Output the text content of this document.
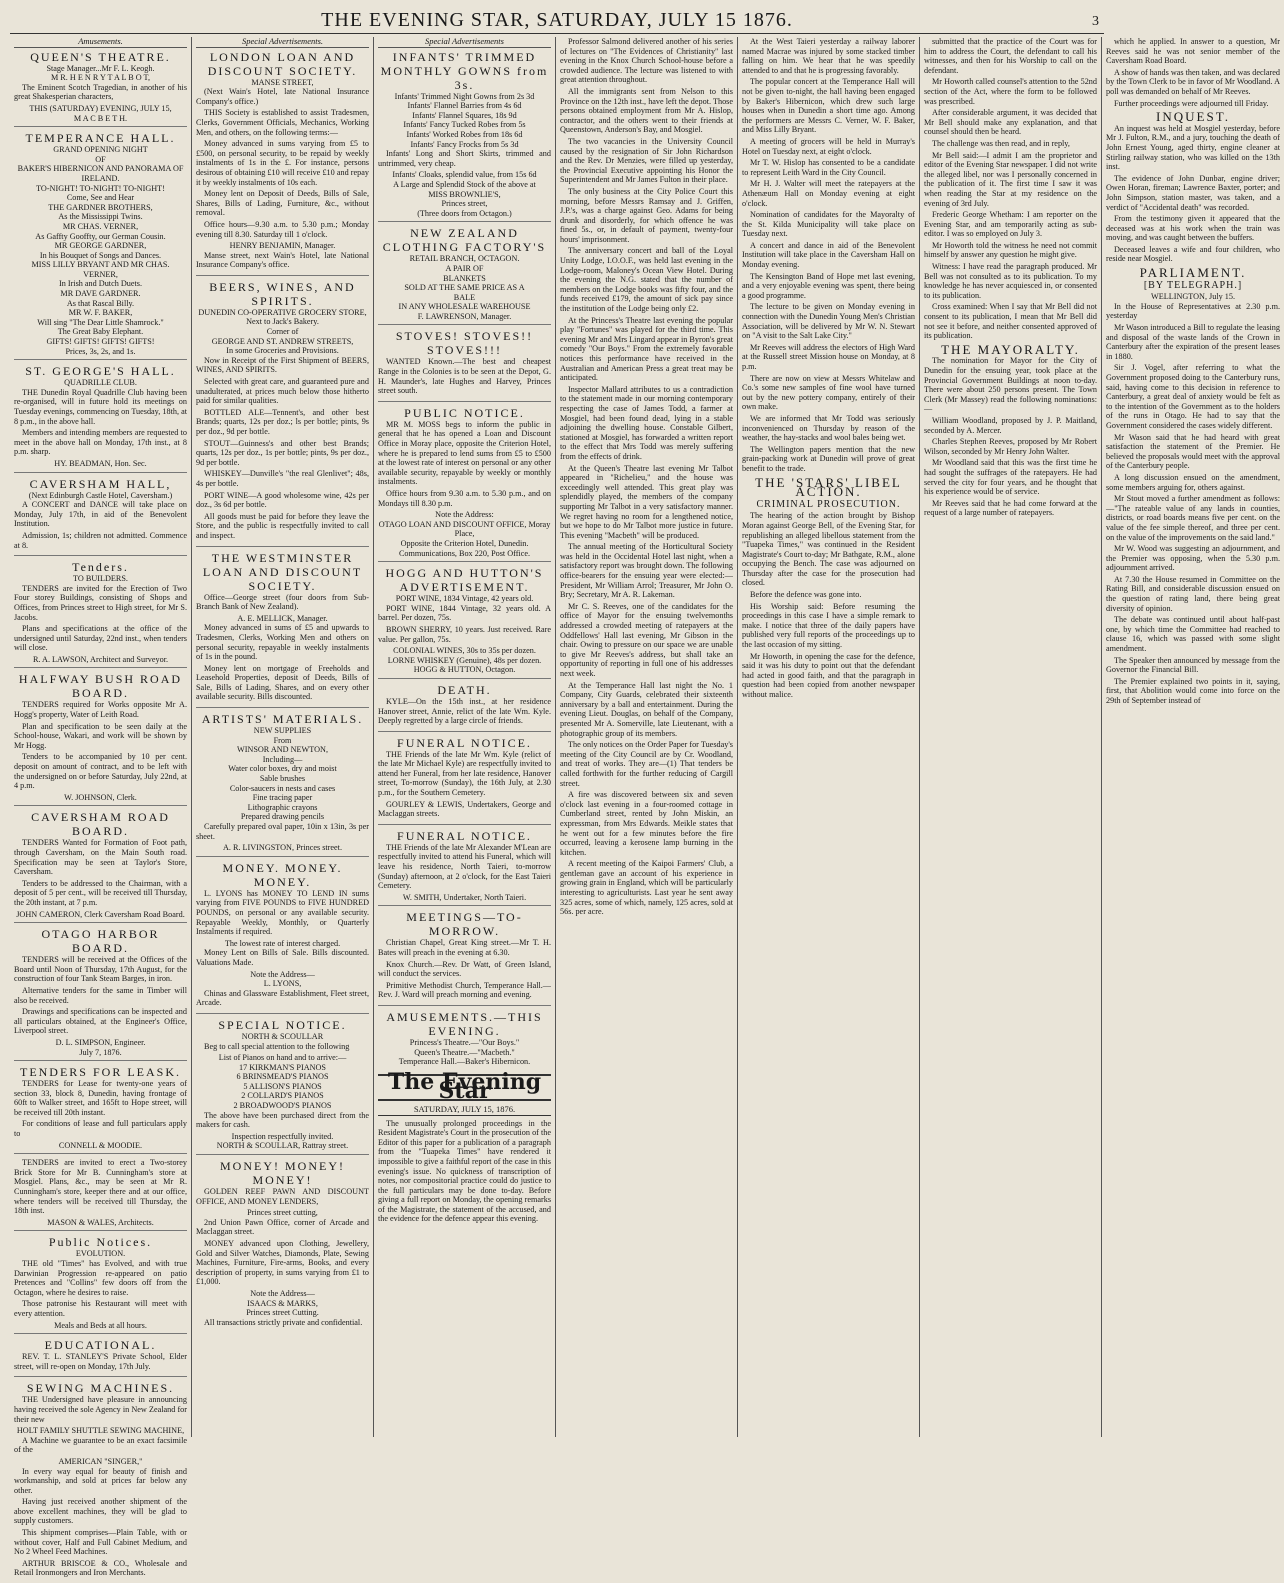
THE EVENING STAR, SATURDAY, JULY 15 1876.	3
Amusements.
QUEEN'S THEATRE.
Stage Manager...Mr F. L. Keogh.
M R. H E N R Y T A L B O T,
The Eminent Scotch Tragedian, in another of his great Shakesperian characters,
THIS (SATURDAY) EVENING, JULY 15,
M A C B E T H.
TEMPERANCE HALL.
GRAND OPENING NIGHT
OF
BAKER'S HIBERNICON AND PANORAMA OF IRELAND.
TO-NIGHT! TO-NIGHT! TO-NIGHT!
Come, See and Hear
THE GARDNER BROTHERS,
As the Mississippi Twins.
MR CHAS. VERNER,
As Gaffty Gooffty, our German Cousin.
MR GEORGE GARDNER,
In his Bouquet of Songs and Dances.
MISS LILLY BRYANT AND MR CHAS. VERNER,
In Irish and Dutch Duets.
MR DAVE GARDNER.
As that Rascal Billy.
MR W. F. BAKER,
Will sing "The Dear Little Shamrock."
The Great Baby Elephant.
GIFTS! GIFTS! GIFTS! GIFTS!
Prices, 3s, 2s, and 1s.
ST. GEORGE'S HALL.
QUADRILLE CLUB.
THE Dunedin Royal Quadrille Club having been re-organised, will in future hold its meetings on Tuesday evenings, commencing on Tuesday, 18th, at 8 p.m., in the above hall.
Members and intending members are requested to meet in the above hall on Monday, 17th inst., at 8 p.m. sharp.
HY. BEADMAN, Hon. Sec.
CAVERSHAM HALL,
(Next Edinburgh Castle Hotel, Caversham.)
A CONCERT and DANCE will take place on Monday, July 17th, in aid of the Benevolent Institution.
Admission, 1s; children not admitted. Commence at 8.
Tenders.
TO BUILDERS.
TENDERS are invited for the Erection of Two Four storey Buildings, consisting of Shops and Offices, from Princes street to High street, for Mr S. Jacobs.
Plans and specifications at the office of the undersigned until Saturday, 22nd inst., when tenders will close.
R. A. LAWSON, Architect and Surveyor.
HALFWAY BUSH ROAD BOARD.
TENDERS required for Works opposite Mr A. Hogg's property, Water of Leith Road.
Plan and specification to be seen daily at the School-house, Wakari, and work will be shown by Mr Hogg.
Tenders to be accompanied by 10 per cent. deposit on amount of contract, and to be left with the undersigned on or before Saturday, July 22nd, at 4 p.m.
W. JOHNSON, Clerk.
CAVERSHAM ROAD BOARD.
TENDERS Wanted for Formation of Foot path, through Caversham, on the Main South road. Specification may be seen at Taylor's Store, Caversham.
Tenders to be addressed to the Chairman, with a deposit of 5 per cent., will be received till Thursday, the 20th instant, at 7 p.m.
JOHN CAMERON, Clerk Caversham Road Board.
OTAGO HARBOR BOARD.
TENDERS will be received at the Offices of the Board until Noon of Thursday, 17th August, for the construction of four Tank Steam Barges, in iron.
Alternative tenders for the same in Timber will also be received.
Drawings and specifications can be inspected and all particulars obtained, at the Engineer's Office, Liverpool street.
D. L. SIMPSON, Engineer.
July 7, 1876.
TENDERS FOR LEASK.
TENDERS for Lease for twenty-one years of section 33, block 8, Dunedin, having frontage of 60ft to Walker street, and 165ft to Hope street, will be received till 20th instant.
For conditions of lease and full particulars apply to
CONNELL & MOODIE.
TENDERS are invited to erect a Two-storey Brick Store for Mr B. Cunningham's store at Mosgiel. Plans, &c., may be seen at Mr R. Cunningham's store, keeper there and at our office, where tenders will be received till Thursday, the 18th inst.
MASON & WALES, Architects.
Public Notices.
EVOLUTION.
THE old "Times" has Evolved, and with true Darwinian Progression re-appeared on patio Pretences and "Collins" few doors off from the Octagon, where he desires to raise.
Those patronise his Restaurant will meet with every attention.
Meals and Beds at all hours.
EDUCATIONAL.
REV. T. L. STANLEY'S Private School, Elder street, will re-open on Monday, 17th July.
SEWING MACHINES.
THE Undersigned have pleasure in announcing having received the sole Agency in New Zealand for their new
HOLT FAMILY SHUTTLE SEWING MACHINE,
A Machine we guarantee to be an exact facsimile of the
AMERICAN "SINGER,"
In every way equal for beauty of finish and workmanship, and sold at prices far below any other.
Having just received another shipment of the above excellent machines, they will be glad to supply customers.
This shipment comprises—Plain Table, with or without cover, Half and Full Cabinet Medium, and No 2 Wheel Feed Machines.
ARTHUR BRISCOE & CO., Wholesale and Retail Ironmongers and Iron Merchants.
Special Advertisements.
LONDON LOAN AND DISCOUNT SOCIETY.
MANSE STREET,
(Next Wain's Hotel, late National Insurance Company's office.)
THIS Society is established to assist Tradesmen, Clerks, Government Officials, Mechanics, Working Men, and others, on the following terms:—
Money advanced in sums varying from £5 to £500, on personal security, to be repaid by weekly instalments of 1s in the £. For instance, persons desirous of obtaining £10 will receive £10 and repay it by weekly instalments of 10s each.
Money lent on Deposit of Deeds, Bills of Sale, Shares, Bills of Lading, Furniture, &c., without removal.
Office hours—9.30 a.m. to 5.30 p.m.; Monday evening till 8.30. Saturday till 1 o'clock.
HENRY BENJAMIN, Manager.
Manse street, next Wain's Hotel, late National Insurance Company's office.
BEERS, WINES, AND SPIRITS.
DUNEDIN CO-OPERATIVE GROCERY STORE,
Next to Jack's Bakery.
Corner of
GEORGE AND ST. ANDREW STREETS,
In some Groceries and Provisions.
Now in Receipt of the First Shipment of BEERS, WINES, AND SPIRITS.
Selected with great care, and guaranteed pure and unadulterated, at prices much below those hitherto paid for similar qualities.
BOTTLED ALE—Tennent's, and other best Brands; quarts, 12s per doz.; ls per bottle; pints, 9s per doz., 9d per bottle.
STOUT—Guinness's and other best Brands; quarts, 12s per doz., 1s per bottle; pints, 9s per doz., 9d per bottle.
WHISKEY—Dunville's "the real Glenlivet"; 48s, 4s per bottle.
PORT WINE—A good wholesome wine, 42s per doz., 3s 6d per bottle.
All goods must be paid for before they leave the Store, and the public is respectfully invited to call and inspect.
THE WESTMINSTER LOAN AND DISCOUNT SOCIETY.
Office—George street (four doors from Sub-Branch Bank of New Zealand).
A. E. MELLICK, Manager.
Money advanced in sums of £5 and upwards to Tradesmen, Clerks, Working Men and others on personal security, repayable in weekly instalments of 1s in the pound.
Money lent on mortgage of Freeholds and Leasehold Properties, deposit of Deeds, Bills of Sale, Bills of Lading, Shares, and on every other available security. Bills discounted.
ARTISTS' MATERIALS.
NEW SUPPLIES
From
WINSOR AND NEWTON,
Including—
Water color boxes, dry and moist
Sable brushes
Color-saucers in nests and cases
Fine tracing paper
Lithographic crayons
Prepared drawing pencils
Carefully prepared oval paper, 10in x 13in, 3s per sheet.
A. R. LIVINGSTON, Princes street.
MONEY. MONEY. MONEY.
L. LYONS has MONEY TO LEND IN sums varying from FIVE POUNDS to FIVE HUNDRED POUNDS, on personal or any available security. Repayable Weekly, Monthly, or Quarterly Instalments if required.
The lowest rate of interest charged.
Money Lent on Bills of Sale. Bills discounted. Valuations Made.
Note the Address—
L. LYONS,
Chinas and Glassware Establishment, Fleet street, Arcade.
SPECIAL NOTICE.
NORTH & SCOULLAR
Beg to call special attention to the following
List of Pianos on hand and to arrive:—
17 KIRKMAN'S PIANOS
6 BRINSMEAD'S PIANOS
5 ALLISON'S PIANOS
2 COLLARD'S PIANOS
2 BROADWOOD'S PIANOS
The above have been purchased direct from the makers for cash.
Inspection respectfully invited.
NORTH & SCOULLAR, Rattray street.
MONEY! MONEY! MONEY!
GOLDEN REEF PAWN AND DISCOUNT OFFICE, AND MONEY LENDERS,
Princes street cutting,
2nd Union Pawn Office, corner of Arcade and Maclaggan street.
MONEY advanced upon Clothing, Jewellery, Gold and Silver Watches, Diamonds, Plate, Sewing Machines, Furniture, Fire-arms, Books, and every description of property, in sums varying from £1 to £1,000.
Note the Address—
ISAACS & MARKS,
Princes street Cutting.
All transactions strictly private and confidential.
Special Advertisements
INFANTS' TRIMMED MONTHLY GOWNS from 3s.
Infants' Trimmed Night Gowns from 2s 3d
Infants' Flannel Barries from 4s 6d
Infants' Flannel Squares, 18s 9d
Infants' Fancy Tucked Robes from 5s
Infants' Worked Robes from 18s 6d
Infants' Fancy Frocks from 5s 3d
Infants' Long and Short Skirts, trimmed and untrimmed, very cheap.
Infants' Cloaks, splendid value, from 15s 6d
A Large and Splendid Stock of the above at
MISS BROWNLIE'S,
Princes street,
(Three doors from Octagon.)
NEW ZEALAND CLOTHING FACTORY'S
RETAIL BRANCH, OCTAGON.
A PAIR OF
BLANKETS
SOLD AT THE SAME PRICE AS A
BALE
IN ANY WHOLESALE WAREHOUSE
F. LAWRENSON, Manager.
STOVES! STOVES!! STOVES!!!
WANTED Known.—The best and cheapest Range in the Colonies is to be seen at the Depot, G. H. Maunder's, late Hughes and Harvey, Princes street south.
PUBLIC NOTICE.
MR M. MOSS begs to inform the public in general that he has opened a Loan and Discount Office in Moray place, opposite the Criterion Hotel, where he is prepared to lend sums from £5 to £500 at the lowest rate of interest on personal or any other available security, repayable by weekly or monthly instalments.
Office hours from 9.30 a.m. to 5.30 p.m., and on Mondays till 8.30 p.m.
Note the Address:
OTAGO LOAN AND DISCOUNT OFFICE, Moray Place,
Opposite the Criterion Hotel, Dunedin.
Communications, Box 220, Post Office.
HOGG AND HUTTON'S ADVERTISEMENT.
PORT WINE, 1834 Vintage, 42 years old.
PORT WINE, 1844 Vintage, 32 years old. A barrel. Per dozen, 75s.
BROWN SHERRY, 10 years. Just received. Rare value. Per gallon, 75s.
COLONIAL WINES, 30s to 35s per dozen.
LORNE WHISKEY (Genuine), 48s per dozen.
HOGG & HUTTON, Octagon.
DEATH.
KYLE—On the 15th inst., at her residence Hanover street, Annie, relict of the late Wm. Kyle. Deeply regretted by a large circle of friends.
FUNERAL NOTICE.
THE Friends of the late Mr Wm. Kyle (relict of the late Mr Michael Kyle) are respectfully invited to attend her Funeral, from her late residence, Hanover street, To-morrow (Sunday), the 16th July, at 2.30 p.m., for the Southern Cemetery.
GOURLEY & LEWIS, Undertakers, George and Maclaggan streets.
FUNERAL NOTICE.
THE Friends of the late Mr Alexander M'Lean are respectfully invited to attend his Funeral, which will leave his residence, North Taieri, to-morrow (Sunday) afternoon, at 2 o'clock, for the East Taieri Cemetery.
W. SMITH, Undertaker, North Taieri.
MEETINGS—TO-MORROW.
Christian Chapel, Great King street.—Mr T. H. Bates will preach in the evening at 6.30.
Knox Church.—Rev. Dr Watt, of Green Island, will conduct the services.
Primitive Methodist Church, Temperance Hall.—Rev. J. Ward will preach morning and evening.
AMUSEMENTS.—THIS EVENING.
Princess's Theatre.—"Our Boys."
Queen's Theatre.—"Macbeth."
Temperance Hall.—Baker's Hibernicon.
The Evening Star
SATURDAY, JULY 15, 1876.
The unusually prolonged proceedings in the Resident Magistrate's Court in the prosecution of the Editor of this paper for a publication of a paragraph from the "Tuapeka Times" have rendered it impossible to give a faithful report of the case in this evening's issue. No quickness of transcription of notes, nor compositorial practice could do justice to the full particulars may be done to-day. Before giving a full report on Monday, the opening remarks of the Magistrate, the statement of the accused, and the evidence for the defence appear this evening.
Professor Salmond delivered another of his series of lectures on "The Evidences of Christianity" last evening in the Knox Church School-house before a crowded audience. The lecture was listened to with great attention throughout.
All the immigrants sent from Nelson to this Province on the 12th inst., have left the depot. Those persons obtained employment from Mr A. Hislop, contractor, and the others went to their friends at Queenstown, Anderson's Bay, and Mosgiel.
The two vacancies in the University Council caused by the resignation of Sir John Richardson and the Rev. Dr Menzies, were filled up yesterday, the Provincial Executive appointing his Honor the Superintendent and Mr James Fulton in their place.
The only business at the City Police Court this morning, before Messrs Ramsay and J. Griffen, J.P.'s, was a charge against Geo. Adams for being drunk and disorderly, for which offence he was fined 5s., or, in default of payment, twenty-four hours' imprisonment.
The anniversary concert and ball of the Loyal Unity Lodge, I.O.O.F., was held last evening in the Lodge-room, Maloney's Ocean View Hotel. During the evening the N.G. stated that the number of members on the Lodge books was fifty four, and the funds received £179, the amount of sick pay since the institution of the Lodge being only £2.
At the Princess's Theatre last evening the popular play "Fortunes" was played for the third time. This evening Mr and Mrs Lingard appear in Byron's great comedy "Our Boys." From the extremely favorable notices this performance have received in the Australian and American Press a great treat may be anticipated.
Inspector Mallard attributes to us a contradiction to the statement made in our morning contemporary respecting the case of James Todd, a farmer at Mosgiel, had been found dead, lying in a stable adjoining the dwelling house. Constable Gilbert, stationed at Mosgiel, has forwarded a written report to the effect that Mrs Todd was merely suffering from the effects of drink.
At the Queen's Theatre last evening Mr Talbot appeared in "Richelieu," and the house was exceedingly well attended. This great play was splendidly played, the members of the company supporting Mr Talbot in a very satisfactory manner. We regret having no room for a lengthened notice, but we hope to do Mr Talbot more justice in future. This evening "Macbeth" will be produced.
The annual meeting of the Horticultural Society was held in the Occidental Hotel last night, when a satisfactory report was brought down. The following office-bearers for the ensuing year were elected:—President, Mr William Arrol; Treasurer, Mr John O. Bry; Secretary, Mr A. R. Lakeman.
Mr C. S. Reeves, one of the candidates for the office of Mayor for the ensuing twelvemonths addressed a crowded meeting of ratepayers at the Oddfellows' Hall last evening, Mr Gibson in the chair. Owing to pressure on our space we are unable to give Mr Reeves's address, but shall take an opportunity of reporting in full one of his addresses next week.
At the Temperance Hall last night the No. 1 Company, City Guards, celebrated their sixteenth anniversary by a ball and entertainment. During the evening Lieut. Douglas, on behalf of the Company, presented Mr A. Somerville, late Lieutenant, with a photographic group of its members.
The only notices on the Order Paper for Tuesday's meeting of the City Council are by Cr. Woodland, and treat of works. They are—(1) That tenders be called forthwith for the further reducing of Cargill street.
A fire was discovered between six and seven o'clock last evening in a four-roomed cottage in Cumberland street, rented by John Miskin, an expressman, from Mrs Edwards. Meikle states that he went out for a few minutes before the fire occurred, leaving a kerosene lamp burning in the kitchen.
A recent meeting of the Kaipoi Farmers' Club, a gentleman gave an account of his experience in growing grain in England, which will be particularly interesting to agriculturists. Last year he sent away 325 acres, some of which, namely, 125 acres, sold at 56s. per acre.
At the West Taieri yesterday a railway laborer named Macrae was injured by some stacked timber falling on him. We hear that he was speedily attended to and that he is progressing favorably.
The popular concert at the Temperance Hall will not be given to-night, the hall having been engaged by Baker's Hibernicon, which drew such large houses when in Dunedin a short time ago. Among the performers are Messrs C. Verner, W. F. Baker, and Miss Lilly Bryant.
A meeting of grocers will be held in Murray's Hotel on Tuesday next, at eight o'clock.
Mr T. W. Hislop has consented to be a candidate to represent Leith Ward in the City Council.
Mr H. J. Walter will meet the ratepayers at the Athenæum Hall on Monday evening at eight o'clock.
Nomination of candidates for the Mayoralty of the St. Kilda Municipality will take place on Tuesday next.
A concert and dance in aid of the Benevolent Institution will take place in the Caversham Hall on Monday evening.
The Kensington Band of Hope met last evening, and a very enjoyable evening was spent, there being a good programme.
The lecture to be given on Monday evening in connection with the Dunedin Young Men's Christian Association, will be delivered by Mr W. N. Stewart on "A visit to the Salt Lake City."
Mr Reeves will address the electors of High Ward at the Russell street Mission house on Monday, at 8 p.m.
There are now on view at Messrs Whitelaw and Co.'s some new samples of fine wool have turned out by the new pottery company, entirely of their own make.
We are informed that Mr Todd was seriously inconvenienced on Thursday by reason of the weather, the hay-stacks and wool bales being wet.
The Wellington papers mention that the new grain-packing work at Dunedin will prove of great benefit to the trade.
THE 'STARS' LIBEL ACTION.
CRIMINAL PROSECUTION.
The hearing of the action brought by Bishop Moran against George Bell, of the Evening Star, for republishing an alleged libellous statement from the "Tuapeka Times," was continued in the Resident Magistrate's Court to-day; Mr Bathgate, R.M., alone occupying the Bench. The case was adjourned on Thursday after the case for the prosecution had closed.
Before the defence was gone into.
His Worship said: Before resuming the proceedings in this case I have a simple remark to make. I notice that three of the daily papers have published very full reports of the proceedings up to the last occasion of my sitting.
Mr Howorth, in opening the case for the defence, said it was his duty to point out that the defendant had acted in good faith, and that the paragraph in question had been copied from another newspaper without malice.
submitted that the practice of the Court was for him to address the Court, the defendant to call his witnesses, and then for his Worship to call on the defendant.
Mr Howorth called counsel's attention to the 52nd section of the Act, where the form to be followed was prescribed.
After considerable argument, it was decided that Mr Bell should make any explanation, and that counsel should then be heard.
The challenge was then read, and in reply,
Mr Bell said:—I admit I am the proprietor and editor of the Evening Star newspaper. I did not write the alleged libel, nor was I personally concerned in the publication of it. The first time I saw it was when reading the Star at my residence on the evening of 3rd July.
Frederic George Whetham: I am reporter on the Evening Star, and am temporarily acting as sub-editor. I was so employed on July 3.
Mr Howorth told the witness he need not commit himself by answer any question he might give.
Witness: I have read the paragraph produced. Mr Bell was not consulted as to its publication. To my knowledge he has never acquiesced in, or consented to its publication.
Cross examined: When I say that Mr Bell did not consent to its publication, I mean that Mr Bell did not see it before, and neither consented approved of its publication.
THE MAYORALTY.
The nomination for Mayor for the City of Dunedin for the ensuing year, took place at the Provincial Government Buildings at noon to-day. There were about 250 persons present. The Town Clerk (Mr Massey) read the following nominations:—
William Woodland, proposed by J. P. Maitland, seconded by A. Mercer.
Charles Stephen Reeves, proposed by Mr Robert Wilson, seconded by Mr Henry John Walter.
Mr Woodland said that this was the first time he had sought the suffrages of the ratepayers. He had served the city for four years, and he thought that his experience would be of service.
Mr Reeves said that he had come forward at the request of a large number of ratepayers.
which he applied. In answer to a question, Mr Reeves said he was not senior member of the Caversham Road Board.
A show of hands was then taken, and was declared by the Town Clerk to be in favor of Mr Woodland. A poll was demanded on behalf of Mr Reeves.
Further proceedings were adjourned till Friday.
INQUEST.
An inquest was held at Mosgiel yesterday, before Mr J. Fulton, R.M., and a jury, touching the death of John Ernest Young, aged thirty, engine cleaner at Stirling railway station, who was killed on the 13th inst.
The evidence of John Dunbar, engine driver; Owen Horan, fireman; Lawrence Baxter, porter; and John Simpson, station master, was taken, and a verdict of "Accidental death" was recorded.
From the testimony given it appeared that the deceased was at his work when the train was moving, and was caught between the buffers.
Deceased leaves a wife and four children, who reside near Mosgiel.
PARLIAMENT.
[BY TELEGRAPH.]
WELLINGTON, July 15.
In the House of Representatives at 2.30 p.m. yesterday
Mr Wason introduced a Bill to regulate the leasing and disposal of the waste lands of the Crown in Canterbury after the expiration of the present leases in 1880.
Sir J. Vogel, after referring to what the Government proposed doing to the Canterbury runs, said, having come to this decision in reference to Canterbury, a great deal of anxiety would be felt as to the intention of the Government as to the holders of the runs in Otago. He had to say that the Government considered the cases widely different.
Mr Wason said that he had heard with great satisfaction the statement of the Premier. He believed the proposals would meet with the approval of the Canterbury people.
A long discussion ensued on the amendment, some members arguing for, others against.
Mr Stout moved a further amendment as follows:—"The rateable value of any lands in counties, districts, or road boards means five per cent. on the value of the fee simple thereof, and three per cent. on the value of the improvements on the said land."
Mr W. Wood was suggesting an adjournment, and the Premier was opposing, when the 5.30 p.m. adjournment arrived.
At 7.30 the House resumed in Committee on the Rating Bill, and considerable discussion ensued on the question of rating land, there being great diversity of opinion.
The debate was continued until about half-past one, by which time the Committee had reached to clause 16, which was passed with some slight amendment.
The Speaker then announced by message from the Governor the Financial Bill.
The Premier explained two points in it, saying, first, that Abolition would come into force on the 29th of September instead of
